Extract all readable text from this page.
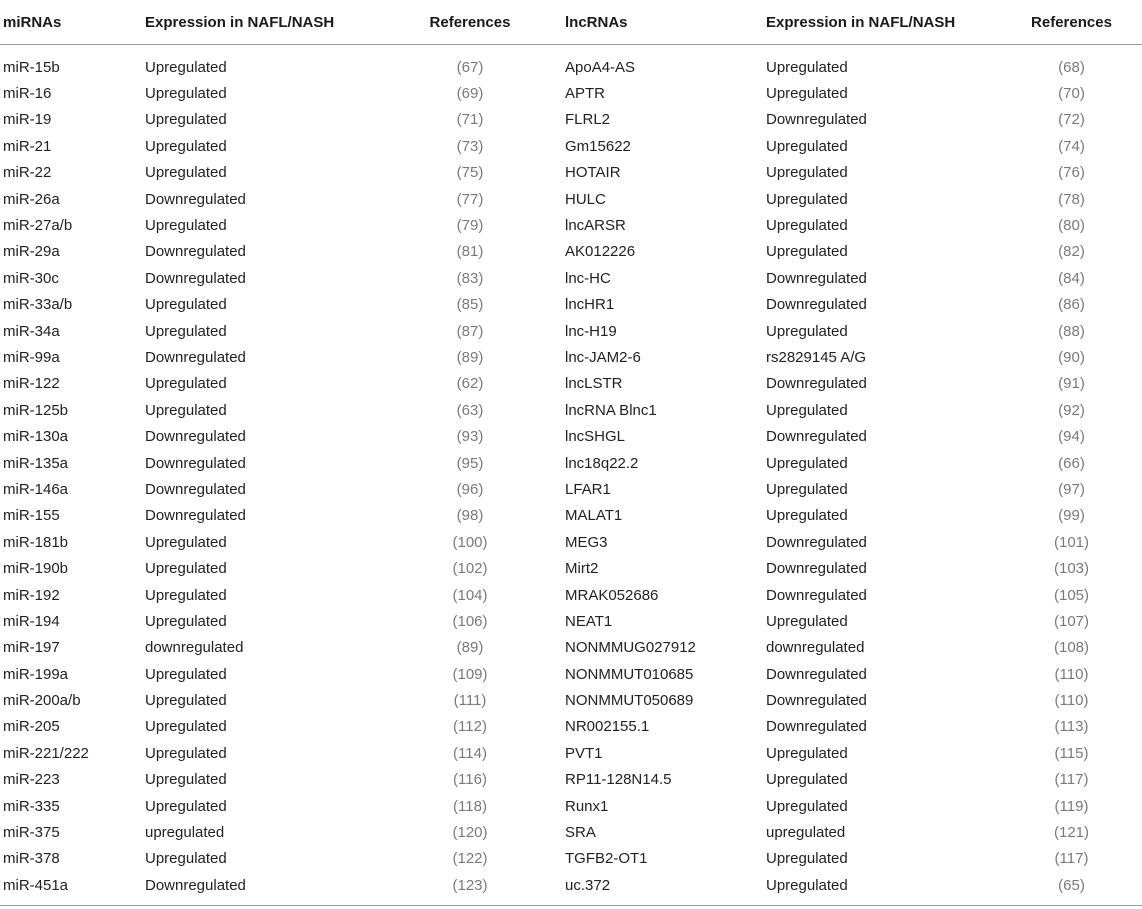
miRNAs	Expression in NAFL/NASH	References	lncRNAs	Expression in NAFL/NASH	References

miR-15b	Upregulated	(67)	ApoA4-AS	Upregulated	(68)
miR-16	Upregulated	(69)	APTR	Upregulated	(70)
miR-19	Upregulated	(71)	FLRL2	Downregulated	(72)
miR-21	Upregulated	(73)	Gm15622	Upregulated	(74)
miR-22	Upregulated	(75)	HOTAIR	Upregulated	(76)
miR-26a	Downregulated	(77)	HULC	Upregulated	(78)
miR-27a/b	Upregulated	(79)	lncARSR	Upregulated	(80)
miR-29a	Downregulated	(81)	AK012226	Upregulated	(82)
miR-30c	Downregulated	(83)	lnc-HC	Downregulated	(84)
miR-33a/b	Upregulated	(85)	lncHR1	Downregulated	(86)
miR-34a	Upregulated	(87)	lnc-H19	Upregulated	(88)
miR-99a	Downregulated	(89)	lnc-JAM2-6	rs2829145 A/G	(90)
miR-122	Upregulated	(62)	lncLSTR	Downregulated	(91)
miR-125b	Upregulated	(63)	lncRNA Blnc1	Upregulated	(92)
miR-130a	Downregulated	(93)	lncSHGL	Downregulated	(94)
miR-135a	Downregulated	(95)	lnc18q22.2	Upregulated	(66)
miR-146a	Downregulated	(96)	LFAR1	Upregulated	(97)
miR-155	Downregulated	(98)	MALAT1	Upregulated	(99)
miR-181b	Upregulated	(100)	MEG3	Downregulated	(101)
miR-190b	Upregulated	(102)	Mirt2	Downregulated	(103)
miR-192	Upregulated	(104)	MRAK052686	Downregulated	(105)
miR-194	Upregulated	(106)	NEAT1	Upregulated	(107)
miR-197	downregulated	(89)	NONMMUG027912	downregulated	(108)
miR-199a	Upregulated	(109)	NONMMUT010685	Downregulated	(110)
miR-200a/b	Upregulated	(111)	NONMMUT050689	Downregulated	(110)
miR-205	Upregulated	(112)	NR002155.1	Downregulated	(113)
miR-221/222	Upregulated	(114)	PVT1	Upregulated	(115)
miR-223	Upregulated	(116)	RP11-128N14.5	Upregulated	(117)
miR-335	Upregulated	(118)	Runx1	Upregulated	(119)
miR-375	upregulated	(120)	SRA	upregulated	(121)
miR-378	Upregulated	(122)	TGFB2-OT1	Upregulated	(117)
miR-451a	Downregulated	(123)	uc.372	Upregulated	(65)
